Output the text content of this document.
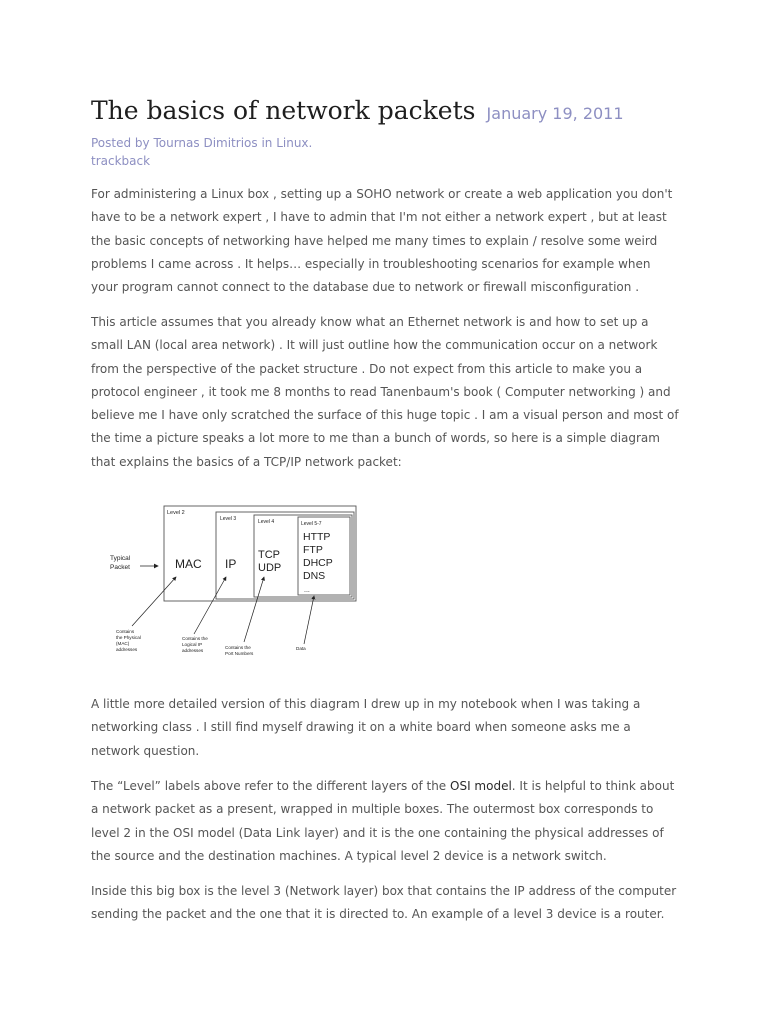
The basics of network packets January 19, 2011
Posted by Tournas Dimitrios in Linux.
trackback

For administering a Linux box , setting up a SOHO network or create a web application you don't have to be a network expert , I have to admin that I'm not either a network expert , but at least the basic concepts of networking have helped me many times to explain / resolve some weird problems I came across . It helps… especially in troubleshooting scenarios for example when your program cannot connect to the database due to network or firewall misconfiguration .

This article assumes that you already know what an Ethernet network is and how to set up a small LAN (local area network) . It will just outline how the communication occur on a network from the perspective of the packet structure . Do not expect from this article to make you a protocol engineer , it took me 8 months to read Tanenbaum's book ( Computer networking ) and believe me I have only scratched the surface of this huge topic . I am a visual person and most of the time a picture speaks a lot more to me than a bunch of words, so here is a simple diagram that explains the basics of a TCP/IP network packet:

Level 2
Level 3	Level 4	Level 5-7
Typical
Packet	MAC IP
TCP
UDP
HTTP
FTP
DHCP
DNS
...
Contains the Physical (MAC) addresses
Contains the Logical IP addresses
Contains the Port Numbers
Data

A little more detailed version of this diagram I drew up in my notebook when I was taking a networking class . I still find myself drawing it on a white board when someone asks me a network question.

The “Level” labels above refer to the different layers of the OSI model. It is helpful to think about a network packet as a present, wrapped in multiple boxes. The outermost box corresponds to level 2 in the OSI model (Data Link layer) and it is the one containing the physical addresses of the source and the destination machines. A typical level 2 device is a network switch.

Inside this big box is the level 3 (Network layer) box that contains the IP address of the computer sending the packet and the one that it is directed to. An example of a level 3 device is a router.
